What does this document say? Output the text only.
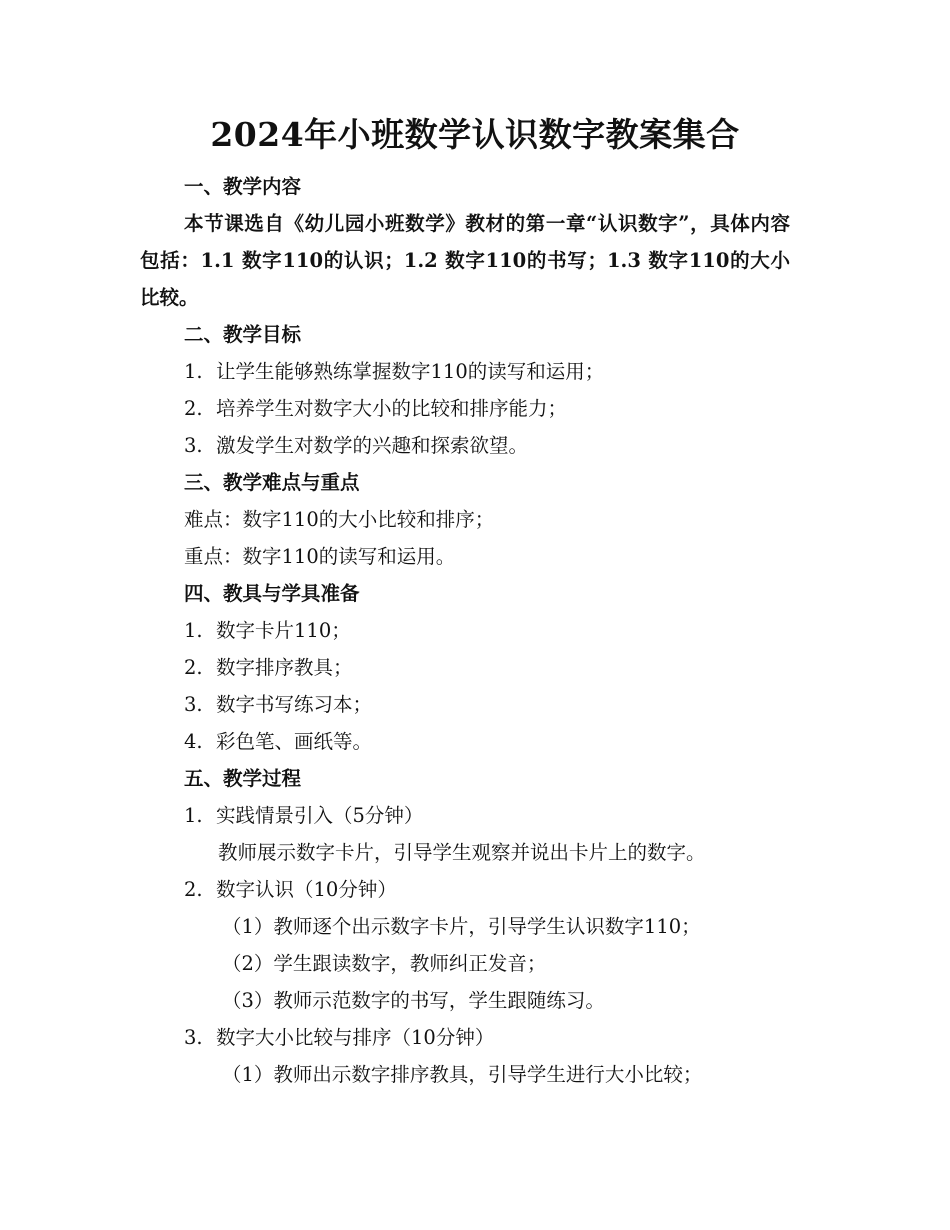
2024年小班数学认识数字教案集合

一、教学内容

本节课选自《幼儿园小班数学》教材的第一章“认识数字”，具体内容包括：1.1 数字110的认识；1.2 数字110的书写；1.3 数字110的大小比较。

二、教学目标

1. 让学生能够熟练掌握数字110的读写和运用；

2. 培养学生对数字大小的比较和排序能力；

3. 激发学生对数学的兴趣和探索欲望。

三、教学难点与重点

难点：数字110的大小比较和排序；

重点：数字110的读写和运用。

四、教具与学具准备

1. 数字卡片110；

2. 数字排序教具；

3. 数字书写练习本；

4. 彩色笔、画纸等。

五、教学过程

1. 实践情景引入（5分钟）

教师展示数字卡片，引导学生观察并说出卡片上的数字。

2. 数字认识（10分钟）

（1）教师逐个出示数字卡片，引导学生认识数字110；

（2）学生跟读数字，教师纠正发音；

（3）教师示范数字的书写，学生跟随练习。

3. 数字大小比较与排序（10分钟）

（1）教师出示数字排序教具，引导学生进行大小比较；
